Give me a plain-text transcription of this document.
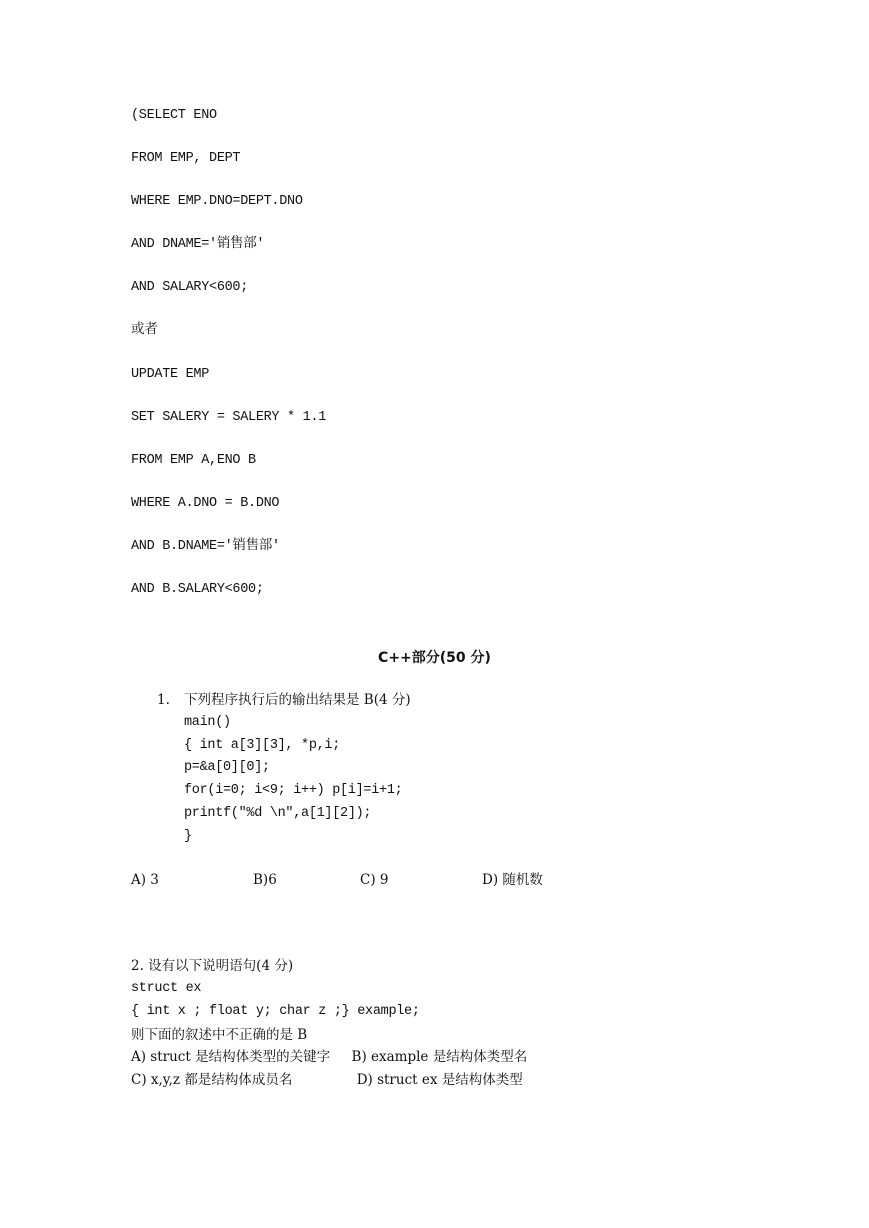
(SELECT ENO
FROM EMP, DEPT
WHERE EMP.DNO=DEPT.DNO
AND DNAME='销售部'
AND SALARY<600;
或者
UPDATE EMP
SET SALERY = SALERY * 1.1
FROM EMP A,ENO B
WHERE A.DNO = B.DNO
AND B.DNAME='销售部'
AND B.SALARY<600;
C++部分(50 分)
1. 下列程序执行后的输出结果是 B(4 分)
main()
{ int a[3][3], *p,i;
p=&a[0][0];
for(i=0; i<9; i++) p[i]=i+1;
printf("%d \n",a[1][2]);
}
A) 3	B)6	C) 9	D) 随机数
2. 设有以下说明语句(4 分)
struct ex
{ int x ; float y; char z ;} example;
则下面的叙述中不正确的是 B
A) struct 是结构体类型的关键字     B) example 是结构体类型名
C) x,y,z 都是结构体成员名               D) struct ex 是结构体类型
